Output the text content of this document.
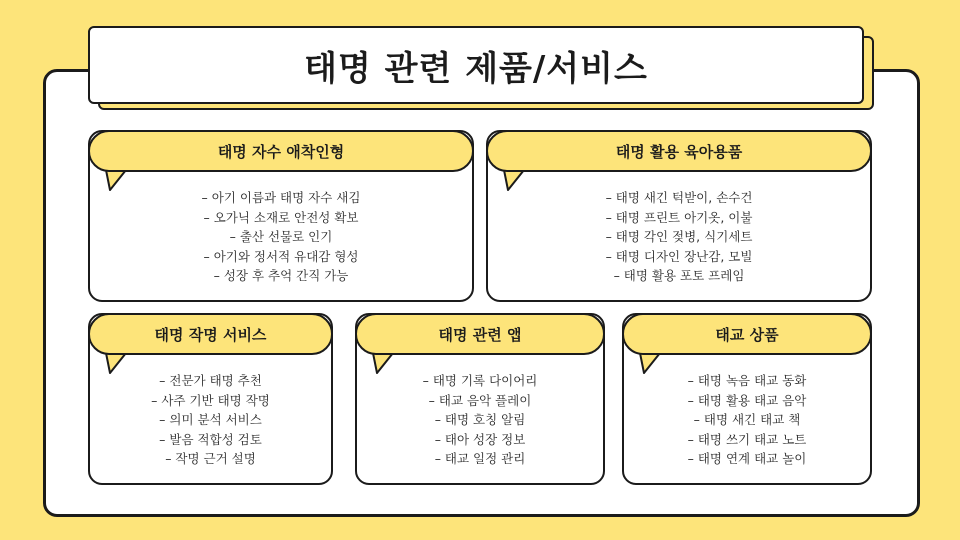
태명 관련 제품/서비스
태명 자수 애착인형
– 아기 이름과 태명 자수 새김
– 오가닉 소재로 안전성 확보
– 출산 선물로 인기
– 아기와 정서적 유대감 형성
– 성장 후 추억 간직 가능
태명 활용 육아용품
– 태명 새긴 턱받이, 손수건
– 태명 프린트 아기옷, 이불
– 태명 각인 젖병, 식기세트
– 태명 디자인 장난감, 모빌
– 태명 활용 포토 프레임
태명 작명 서비스
– 전문가 태명 추천
– 사주 기반 태명 작명
– 의미 분석 서비스
– 발음 적합성 검토
– 작명 근거 설명
태명 관련 앱
– 태명 기록 다이어리
– 태교 음악 플레이
– 태명 호칭 알림
– 태아 성장 정보
– 태교 일정 관리
태교 상품
– 태명 녹음 태교 동화
– 태명 활용 태교 음악
– 태명 새긴 태교 책
– 태명 쓰기 태교 노트
– 태명 연계 태교 놀이
